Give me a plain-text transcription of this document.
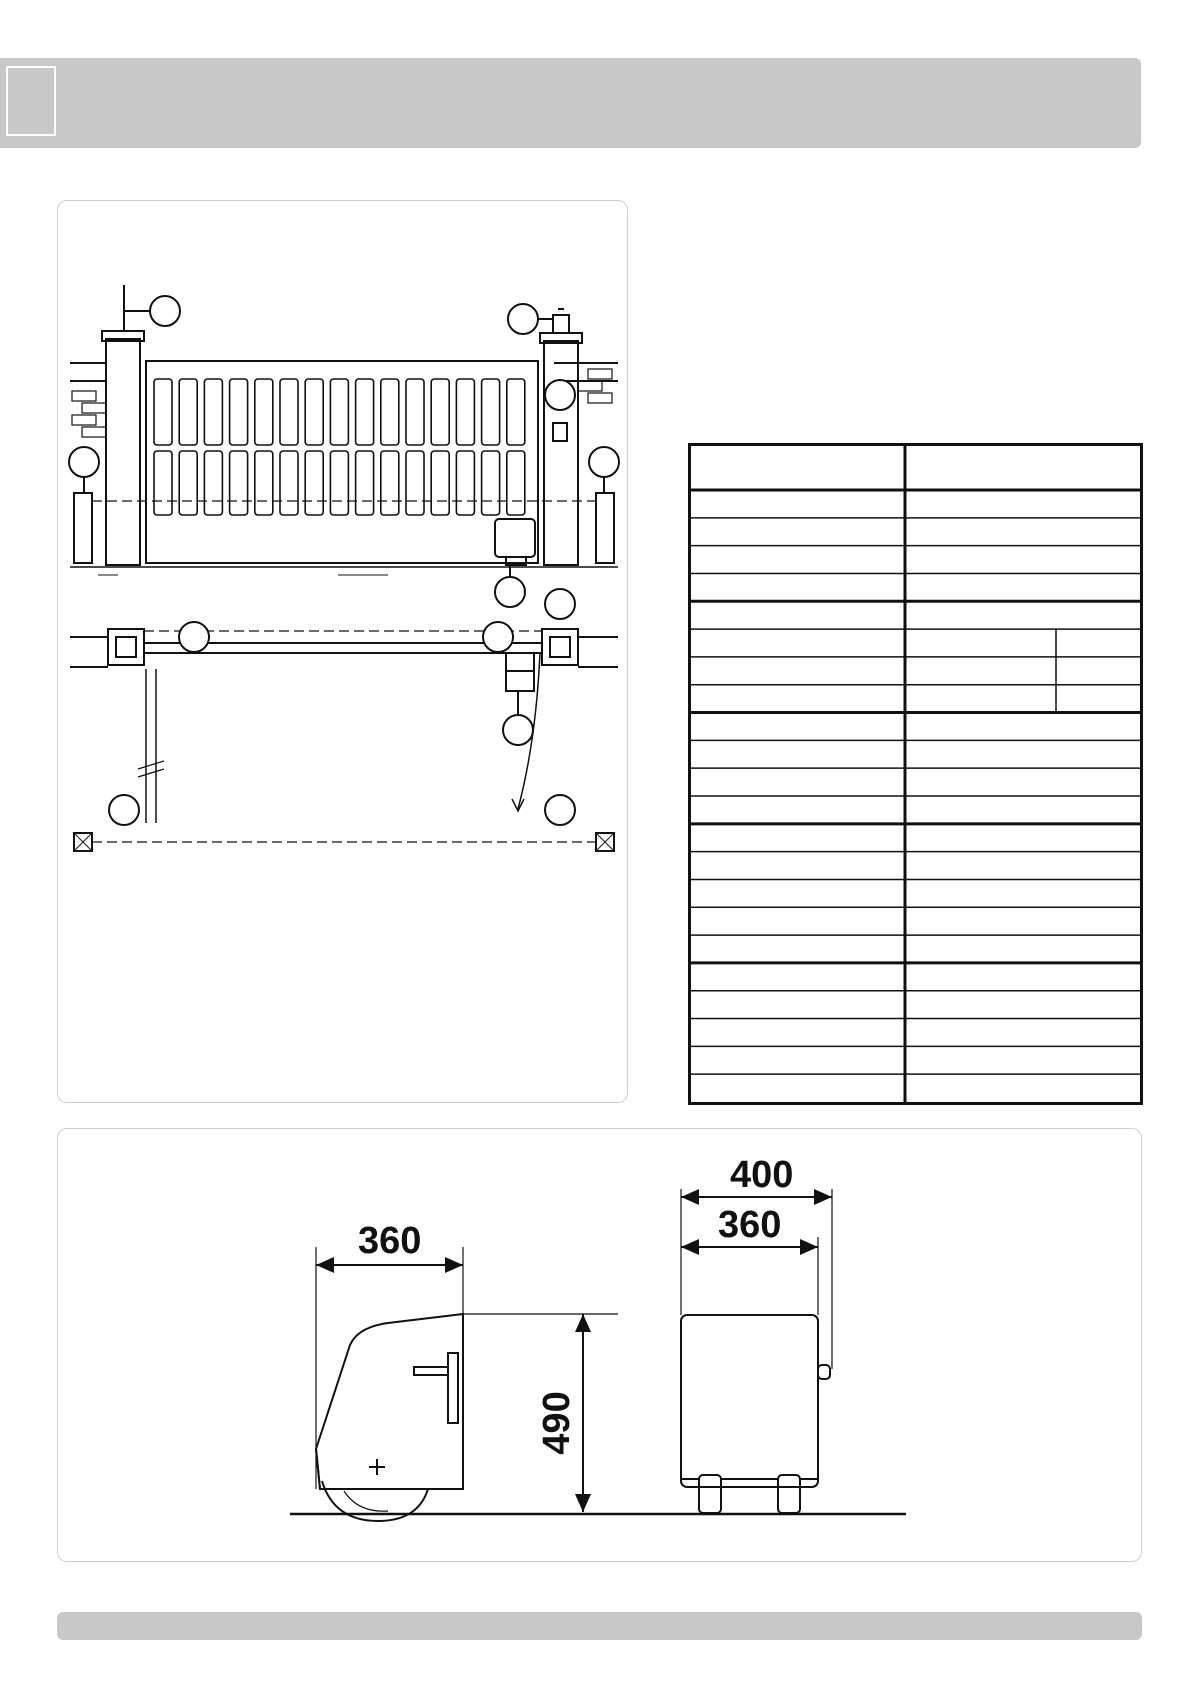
360
400
360
490
